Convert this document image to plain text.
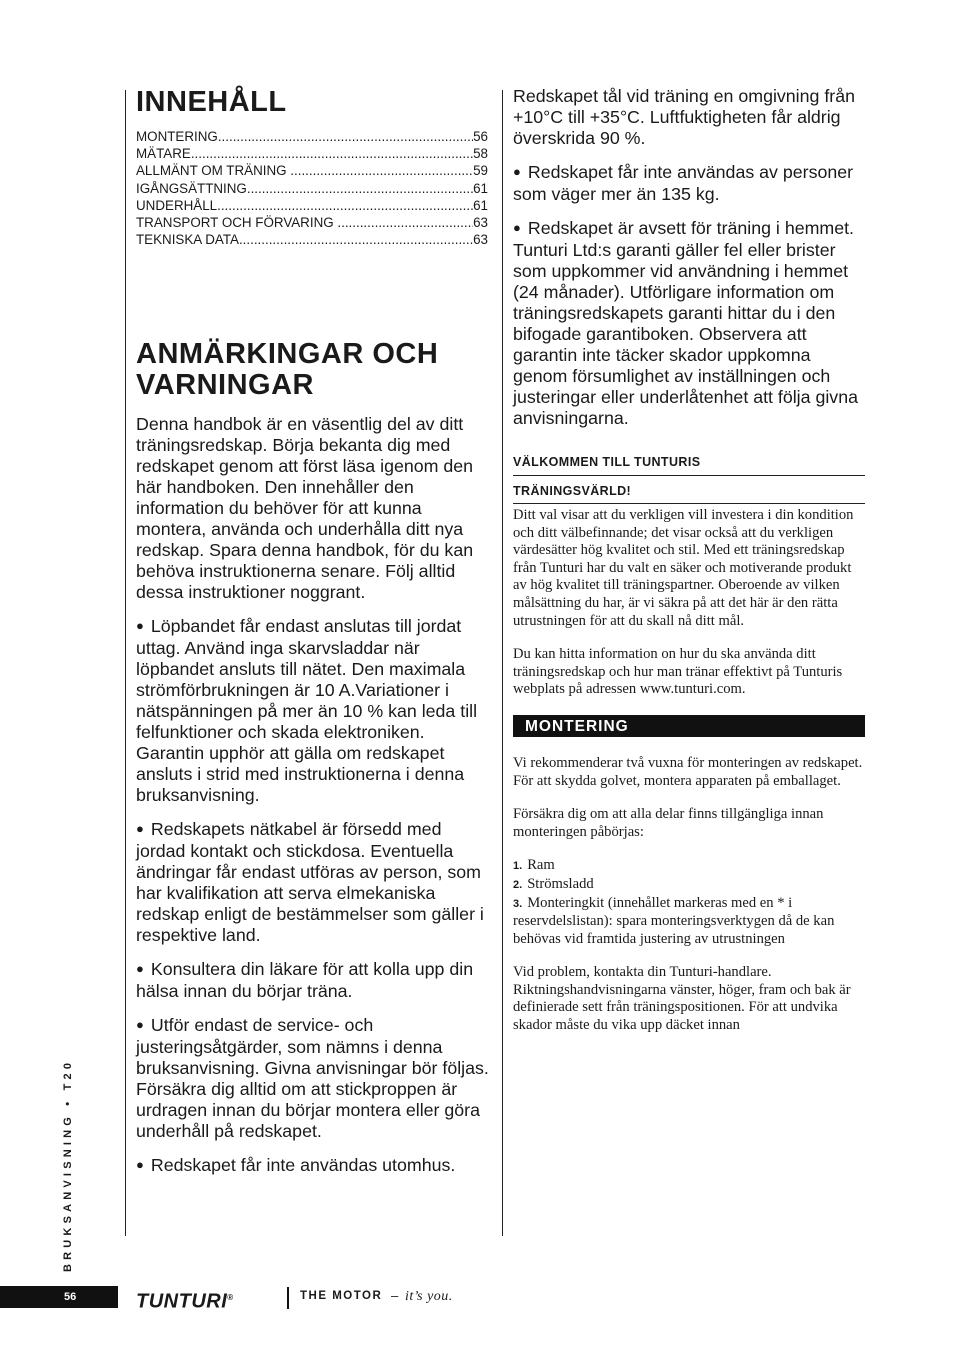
INNEHÅLL
MONTERING .....	56
MÄTARE .....	58
ALLMÄNT OM TRÄNING .....	59
IGÅNGSÄTTNING .....	61
UNDERHÅLL .....	61
TRANSPORT OCH FÖRVARING .....	63
TEKNISKA DATA .....	63
ANMÄRKINGAR OCH
VARNINGAR

Denna handbok är en väsentlig del av ditt träningsredskap. Börja bekanta dig med redskapet genom att först läsa igenom den här handboken. Den innehåller den information du behöver för att kunna montera, använda och underhålla ditt nya redskap. Spara denna handbok, för du kan behöva instruktionerna senare. Följ alltid dessa instruktioner noggrant.

● Löpbandet får endast anslutas till jordat uttag. Använd inga skarvsladdar när löpbandet ansluts till nätet. Den maximala strömförbrukningen är 10 A.Variationer i nätspänningen på mer än 10 % kan leda till felfunktioner och skada elektroniken. Garantin upphör att gälla om redskapet ansluts i strid med instruktionerna i denna bruksanvisning.

● Redskapets nätkabel är försedd med jordad kontakt och stickdosa. Eventuella ändringar får endast utföras av person, som har kvalifikation att serva elmekaniska redskap enligt de bestämmelser som gäller i respektive land.

● Konsultera din läkare för att kolla upp din hälsa innan du börjar träna.

● Utför endast de service- och justeringsåtgärder, som nämns i denna bruksanvisning. Givna anvisningar bör följas. Försäkra dig alltid om att stickproppen är urdragen innan du börjar montera eller göra underhåll på redskapet.

● Redskapet får inte användas utomhus.

Redskapet tål vid träning en omgivning från +10°C till +35°C. Luftfuktigheten får aldrig överskrida 90 %.

● Redskapet får inte användas av personer som väger mer än 135 kg.

● Redskapet är avsett för träning i hemmet. Tunturi Ltd:s garanti gäller fel eller brister som uppkommer vid användning i hemmet (24 månader). Utförligare information om träningsredskapets garanti hittar du i den bifogade garantiboken. Observera att garantin inte täcker skador uppkomna genom försumlighet av inställningen och justeringar eller underlåtenhet att följa givna anvisningarna.

VÄLKOMMEN TILL TUNTURIS
TRÄNINGSVÄRLD!

Ditt val visar att du verkligen vill investera i din kondition och ditt välbefinnande; det visar också att du verkligen värdesätter hög kvalitet och stil. Med ett träningsredskap från Tunturi har du valt en säker och motiverande produkt av hög kvalitet till träningspartner. Oberoende av vilken målsättning du har, är vi säkra på att det här är den rätta utrustningen för att du skall nå ditt mål.

Du kan hitta information on hur du ska använda ditt träningsredskap och hur man tränar effektivt på Tunturis webplats på adressen www.tunturi.com.

MONTERING

Vi rekommenderar två vuxna för monteringen av redskapet. För att skydda golvet, montera apparaten på emballaget.

Försäkra dig om att alla delar finns tillgängliga innan monteringen påbörjas:

1. Ram
2. Strömsladd
3. Monteringkit (innehållet markeras med en * i reservdelslistan): spara monteringsverktygen då de kan behövas vid framtida justering av utrustningen

Vid problem, kontakta din Tunturi-handlare. Riktningshandvisningarna vänster, höger, fram och bak är definierade sett från träningspositionen. För att undvika skador måste du vika upp däcket innan

BRUKSANVISNING • T20
56	TUNTURI®	THE MOTOR – it’s you.
